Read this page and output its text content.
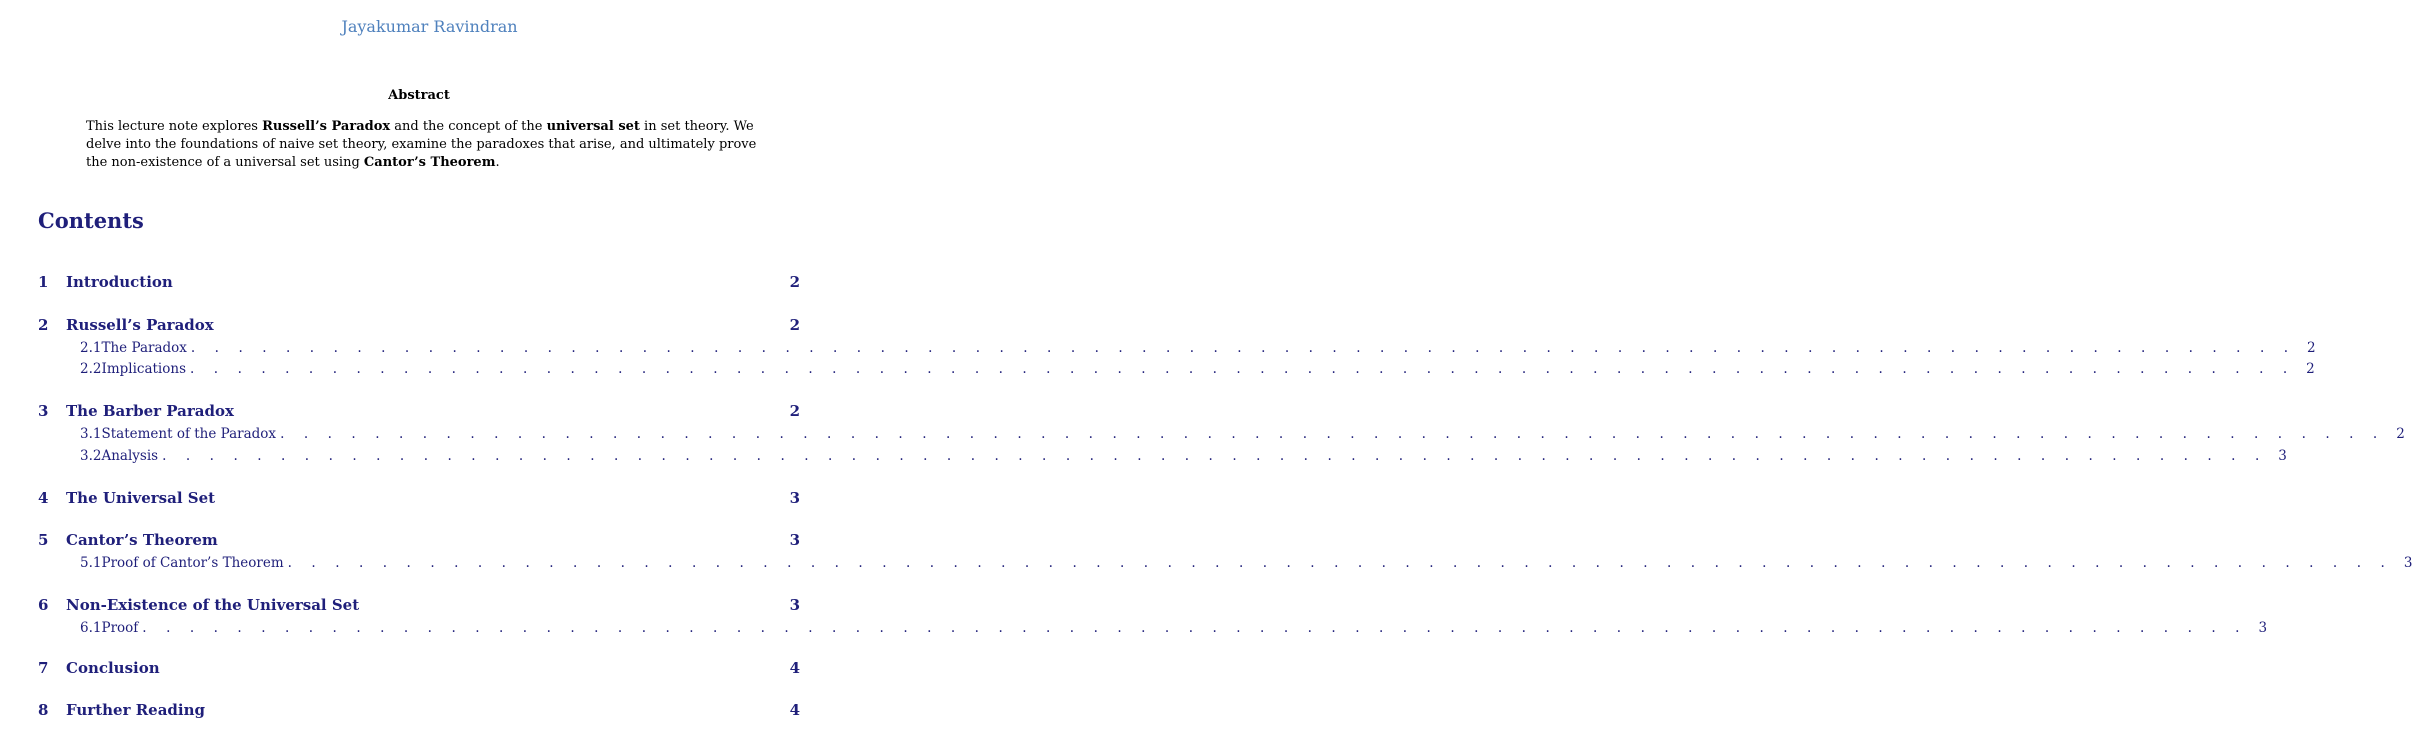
Jayakumar Ravindran
Abstract
This lecture note explores Russell’s Paradox and the concept of the universal set in set theory. We delve into the foundations of naive set theory, examine the paradoxes that arise, and ultimately prove the non-existence of a universal set using Cantor’s Theorem.
Contents
1	Introduction	2
2	Russell’s Paradox	2
2.1 The Paradox . . . . . . . . . . . . . . . . . . . . . . . . . . . . . . . . . . . . . . . . . . . . . . . . . . . . . . . . . . . . . . . . . . . . . . . . . . . . . . . . . . . . . . . . . 2
2.2 Implications . . . . . . . . . . . . . . . . . . . . . . . . . . . . . . . . . . . . . . . . . . . . . . . . . . . . . . . . . . . . . . . . . . . . . . . . . . . . . . . . . . . . . . . . . 2
3	The Barber Paradox	2
3.1 Statement of the Paradox . . . . . . . . . . . . . . . . . . . . . . . . . . . . . . . . . . . . . . . . . . . . . . . . . . . . . . . . . . . . . . . . . . . . . . . . . . . . . . . . . . . . . . . . . 2
3.2 Analysis . . . . . . . . . . . . . . . . . . . . . . . . . . . . . . . . . . . . . . . . . . . . . . . . . . . . . . . . . . . . . . . . . . . . . . . . . . . . . . . . . . . . . . . . . 3
4	The Universal Set	3
5	Cantor’s Theorem	3
5.1 Proof of Cantor’s Theorem . . . . . . . . . . . . . . . . . . . . . . . . . . . . . . . . . . . . . . . . . . . . . . . . . . . . . . . . . . . . . . . . . . . . . . . . . . . . . . . . . . . . . . . . . 3
6	Non-Existence of the Universal Set	3
6.1 Proof . . . . . . . . . . . . . . . . . . . . . . . . . . . . . . . . . . . . . . . . . . . . . . . . . . . . . . . . . . . . . . . . . . . . . . . . . . . . . . . . . . . . . . . . . 3
7	Conclusion	4
8	Further Reading	4
